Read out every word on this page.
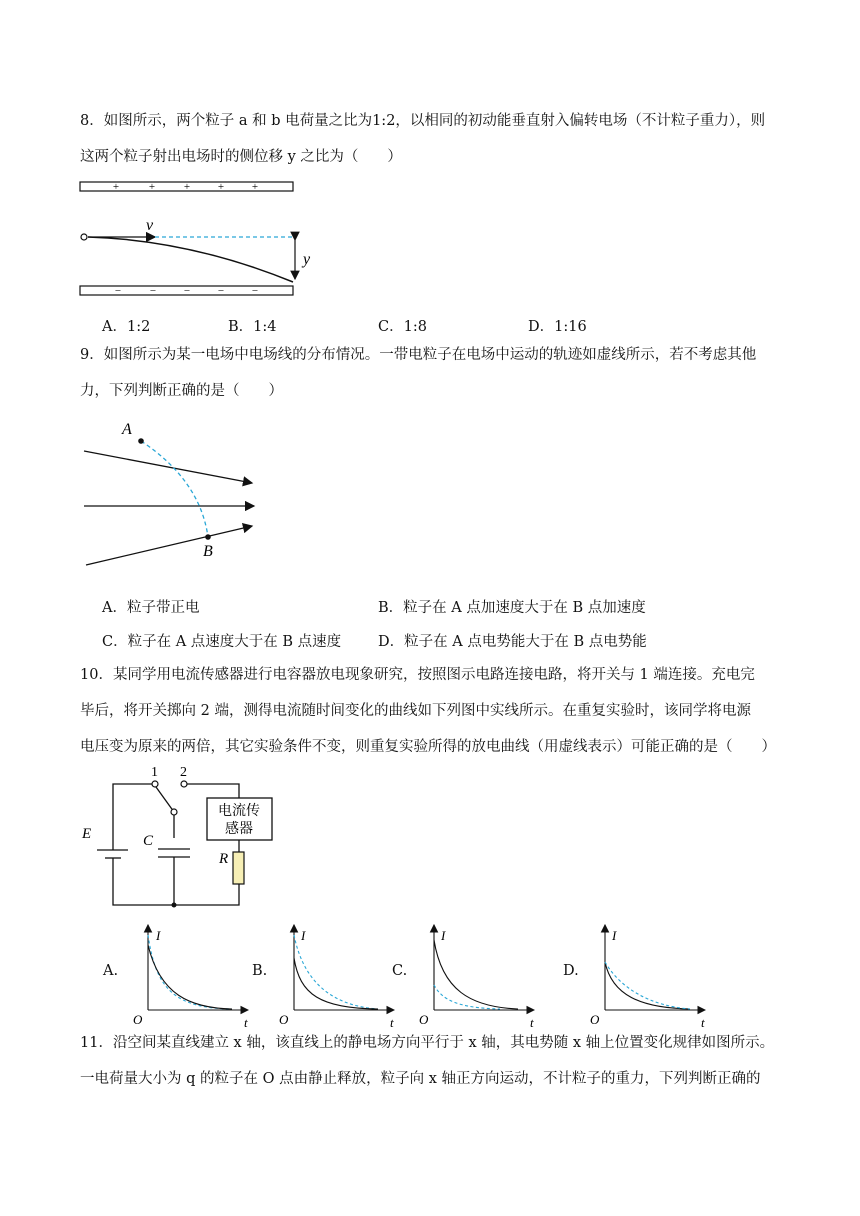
8．如图所示，两个粒子 a 和 b 电荷量之比为1:2，以相同的初动能垂直射入偏转电场（不计粒子重力），则
这两个粒子射出电场时的侧位移 y 之比为（　　）
v
y
+	+	+	+	+
−	−	−	−	−
A
B
1 2
E	C
R
电流传
感器
I
t
O
I
t
O
I
t
O
I
t
O
A．1:2	B．1:4	C．1:8	D．1:16
9．如图所示为某一电场中电场线的分布情况。一带电粒子在电场中运动的轨迹如虚线所示，若不考虑其他
力，下列判断正确的是（　　）
A．粒子带正电	B．粒子在 A 点加速度大于在 B 点加速度
C．粒子在 A 点速度大于在 B 点速度	D．粒子在 A 点电势能大于在 B 点电势能
10．某同学用电流传感器进行电容器放电现象研究，按照图示电路连接电路，将开关与 1 端连接。充电完
毕后，将开关掷向 2 端，测得电流随时间变化的曲线如下列图中实线所示。在重复实验时，该同学将电源
电压变为原来的两倍，其它实验条件不变，则重复实验所得的放电曲线（用虚线表示）可能正确的是（　　）
A.	B.	C.	D.
11．沿空间某直线建立 x 轴，该直线上的静电场方向平行于 x 轴，其电势随 x 轴上位置变化规律如图所示。
一电荷量大小为 q 的粒子在 O 点由静止释放，粒子向 x 轴正方向运动，不计粒子的重力，下列判断正确的
